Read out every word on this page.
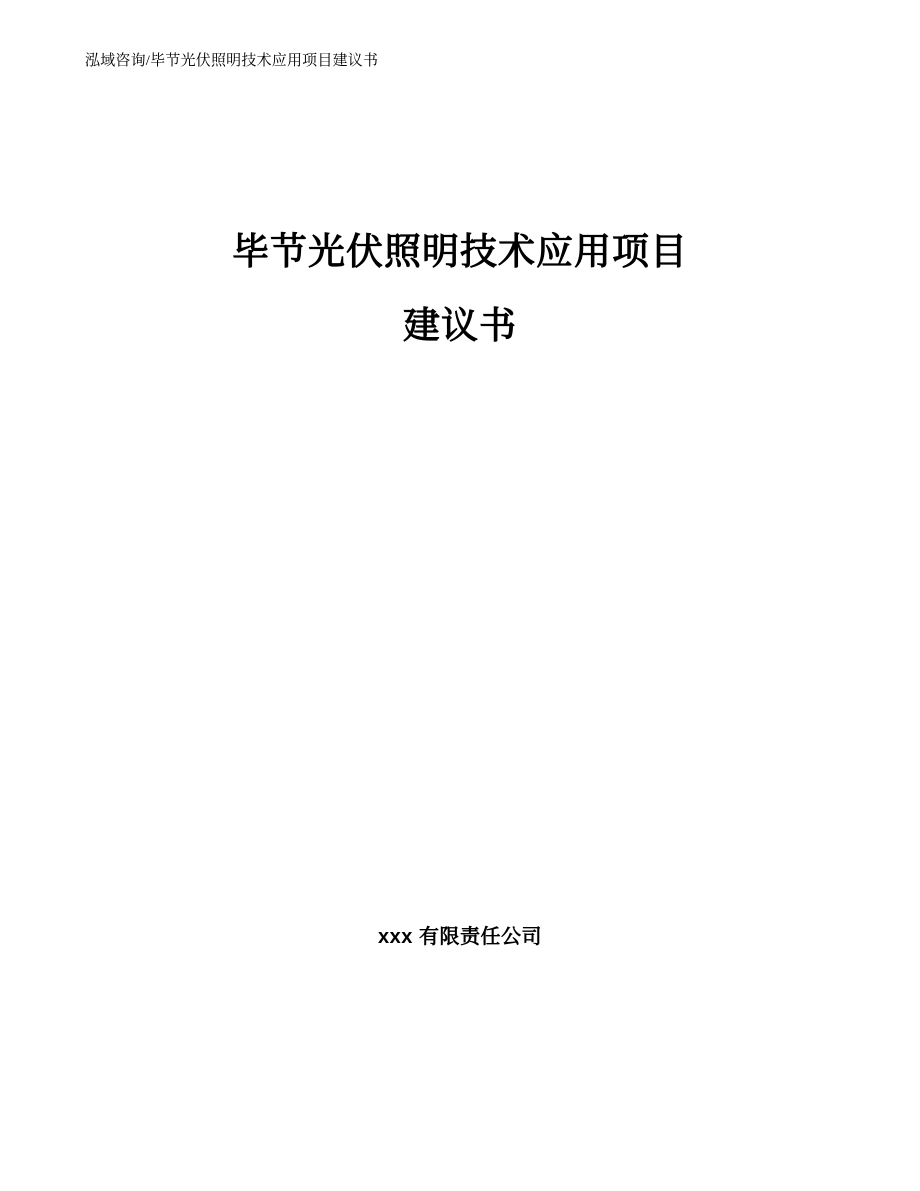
泓域咨询/毕节光伏照明技术应用项目建议书
毕节光伏照明技术应用项目
建议书
xxx 有限责任公司
